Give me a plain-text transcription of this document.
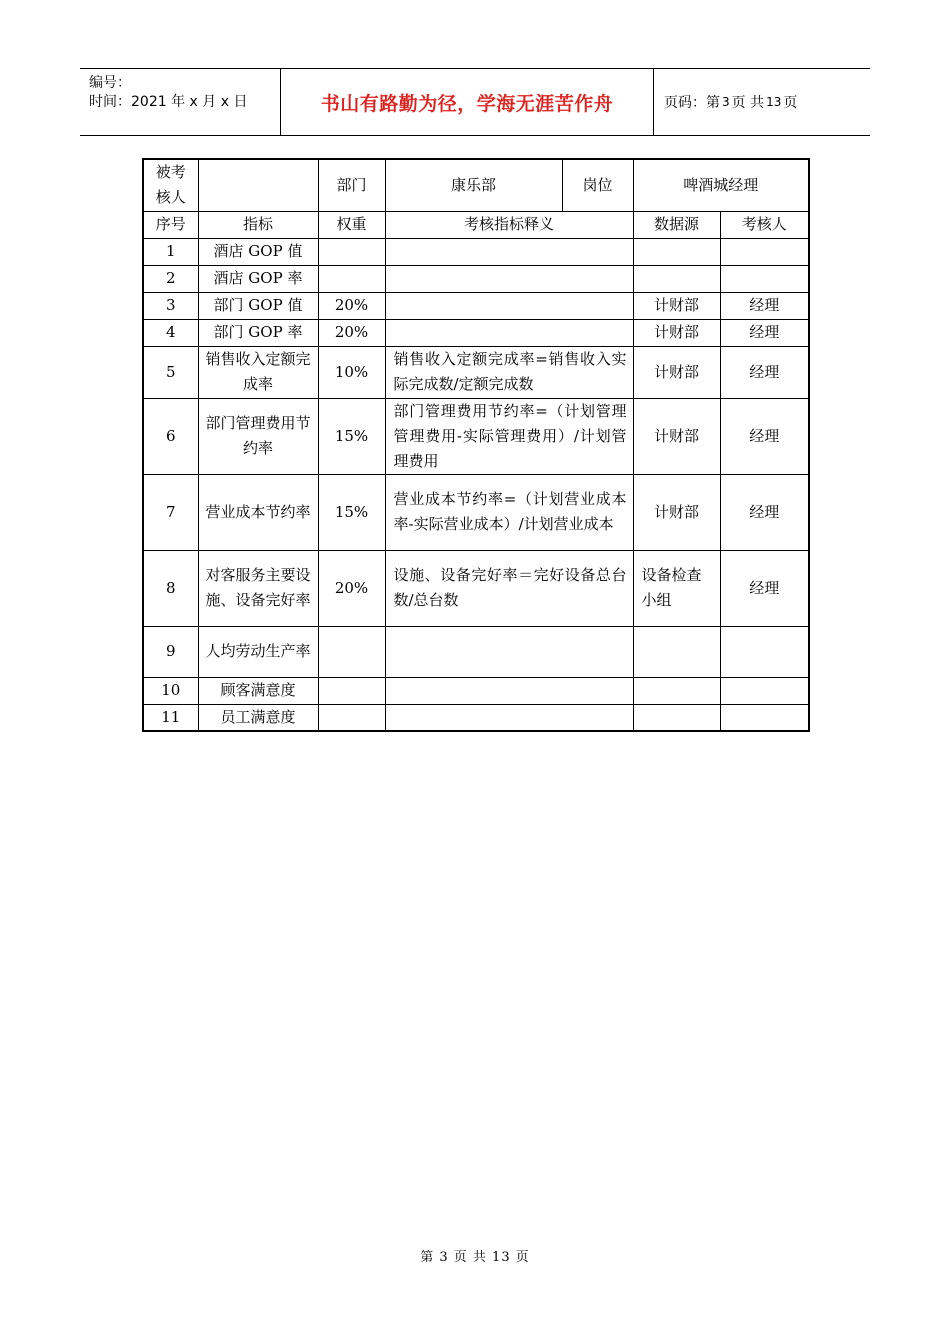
编号：
时间：2021 年 x 月 x 日	书山有路勤为径，学海无涯苦作舟	页码：第 3 页 共 13 页
被考核人		部门	康乐部	岗位	啤酒城经理	
序号	指标	权重	考核指标释义		数据源	考核人
1	酒店 GOP 值					
2	酒店 GOP 率					
3	部门 GOP 值	20%			计财部	经理
4	部门 GOP 率	20%			计财部	经理
5	销售收入定额完成率	10%	销售收入定额完成率=销售收入实际完成数/定额完成数		计财部	经理
6	部门管理费用节约率	15%	部门管理费用节约率=（计划管理管理费用-实际管理费用）/计划管理费用		计财部	经理
7	营业成本节约率	15%	营业成本节约率=（计划营业成本率-实际营业成本）/计划营业成本		计财部	经理
8	对客服务主要设施、设备完好率	20%	设施、设备完好率＝完好设备总台数/总台数		设备检查小组	经理
9	人均劳动生产率					
10	顾客满意度					
11	员工满意度					
第 3 页 共 13 页
